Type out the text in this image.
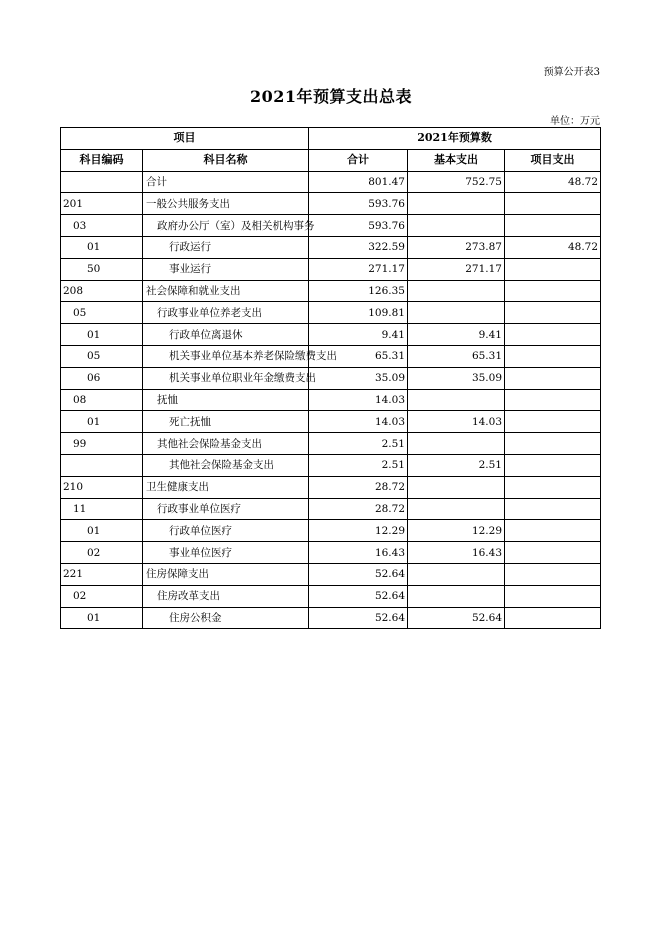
预算公开表3
2021年预算支出总表
单位：万元
项目		2021年预算数		
科目编码	科目名称	合计	基本支出	项目支出
	合计	801.47	752.75	48.72
201	一般公共服务支出	593.76		
03	政府办公厅（室）及相关机构事务	593.76		
01	行政运行	322.59	273.87	48.72
50	事业运行	271.17	271.17	
208	社会保障和就业支出	126.35		
05	行政事业单位养老支出	109.81		
01	行政单位离退休	9.41	9.41	
05	机关事业单位基本养老保险缴费支出	65.31	65.31	
06	机关事业单位职业年金缴费支出	35.09	35.09	
08	抚恤	14.03		
01	死亡抚恤	14.03	14.03	
99	其他社会保险基金支出	2.51		
	其他社会保险基金支出	2.51	2.51	
210	卫生健康支出	28.72		
11	行政事业单位医疗	28.72		
01	行政单位医疗	12.29	12.29	
02	事业单位医疗	16.43	16.43	
221	住房保障支出	52.64		
02	住房改革支出	52.64		
01	住房公积金	52.64	52.64	
